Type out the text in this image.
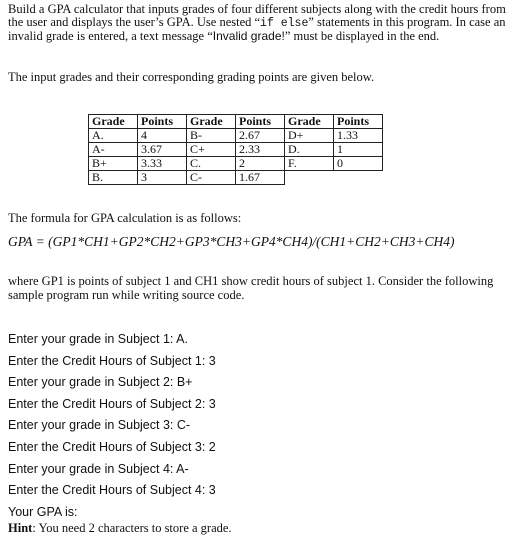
Build a GPA calculator that inputs grades of four different subjects along with the credit hours from the user and displays the user’s GPA. Use nested “if else” statements in this program. In case an invalid grade is entered, a text message “Invalid grade!” must be displayed in the end.
The input grades and their corresponding grading points are given below.
Grade	Points	Grade	Points	Grade	Points
A.	4	B-	2.67	D+	1.33
A-	3.67	C+	2.33	D.	1
B+	3.33	C.	2	F.	0
B.	3	C-	1.67		
The formula for GPA calculation is as follows:
GPA = (GP1*CH1+GP2*CH2+GP3*CH3+GP4*CH4)/(CH1+CH2+CH3+CH4)
where GP1 is points of subject 1 and CH1 show credit hours of subject 1. Consider the following sample program run while writing source code.
Enter your grade in Subject 1: A.
Enter the Credit Hours of Subject 1: 3
Enter your grade in Subject 2: B+
Enter the Credit Hours of Subject 2: 3
Enter your grade in Subject 3: C-
Enter the Credit Hours of Subject 3: 2
Enter your grade in Subject 4: A-
Enter the Credit Hours of Subject 4: 3
Your GPA is:
Hint: You need 2 characters to store a grade.
